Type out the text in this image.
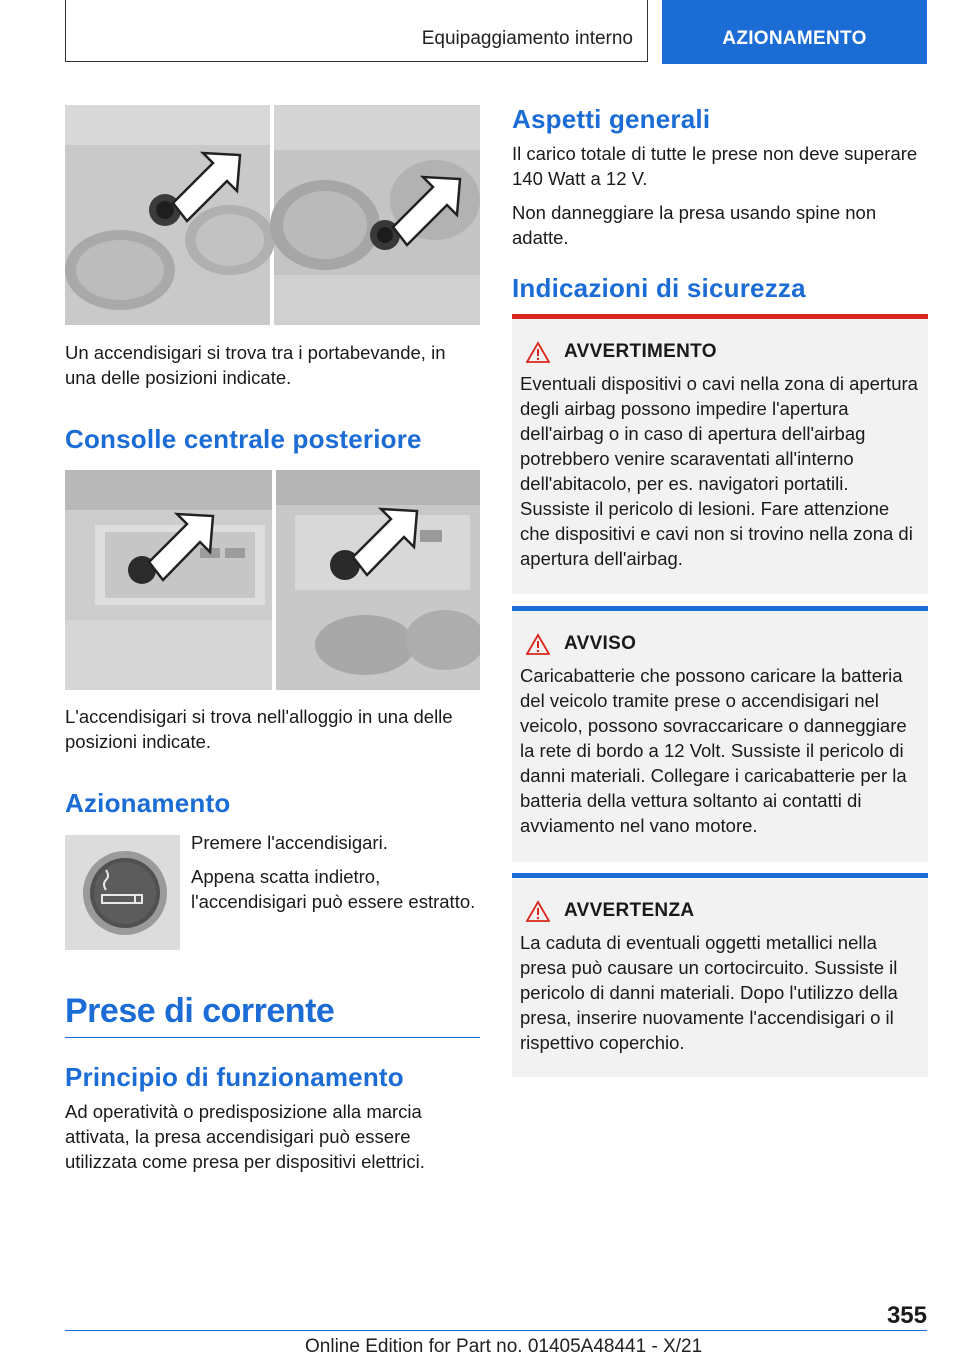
Equipaggiamento interno	AZIONAMENTO

Un accendisigari si trova tra i portabevande, in una delle posizioni indicate.

Consolle centrale posteriore

L'accendisigari si trova nell'alloggio in una delle posizioni indicate.

Azionamento

Premere l'accendisigari.

Appena scatta indietro, l'accendisigari può essere estratto.

Prese di corrente
Principio di funzionamento

Ad operatività o predisposizione alla marcia attivata, la presa accendisigari può essere utilizzata come presa per dispositivi elettrici.

Aspetti generali

Il carico totale di tutte le prese non deve superare 140 Watt a 12 V.

Non danneggiare la presa usando spine non adatte.

Indicazioni di sicurezza
AVVERTIMENTO

Eventuali dispositivi o cavi nella zona di apertura degli airbag possono impedire l'apertura dell'airbag o in caso di apertura dell'airbag potrebbero venire scaraventati all'interno dell'abitacolo, per es. navigatori portatili. Sussiste il pericolo di lesioni. Fare attenzione che dispositivi e cavi non si trovino nella zona di apertura dell'airbag.

AVVISO

Caricabatterie che possono caricare la batteria del veicolo tramite prese o accendisigari nel veicolo, possono sovraccaricare o danneggiare la rete di bordo a 12 Volt. Sussiste il pericolo di danni materiali. Collegare i caricabatterie per la batteria della vettura soltanto ai contatti di avviamento nel vano motore.

AVVERTENZA

La caduta di eventuali oggetti metallici nella presa può causare un cortocircuito. Sussiste il pericolo di danni materiali. Dopo l'utilizzo della presa, inserire nuovamente l'accendisigari o il rispettivo coperchio.

355
Online Edition for Part no. 01405A48441 - X/21
